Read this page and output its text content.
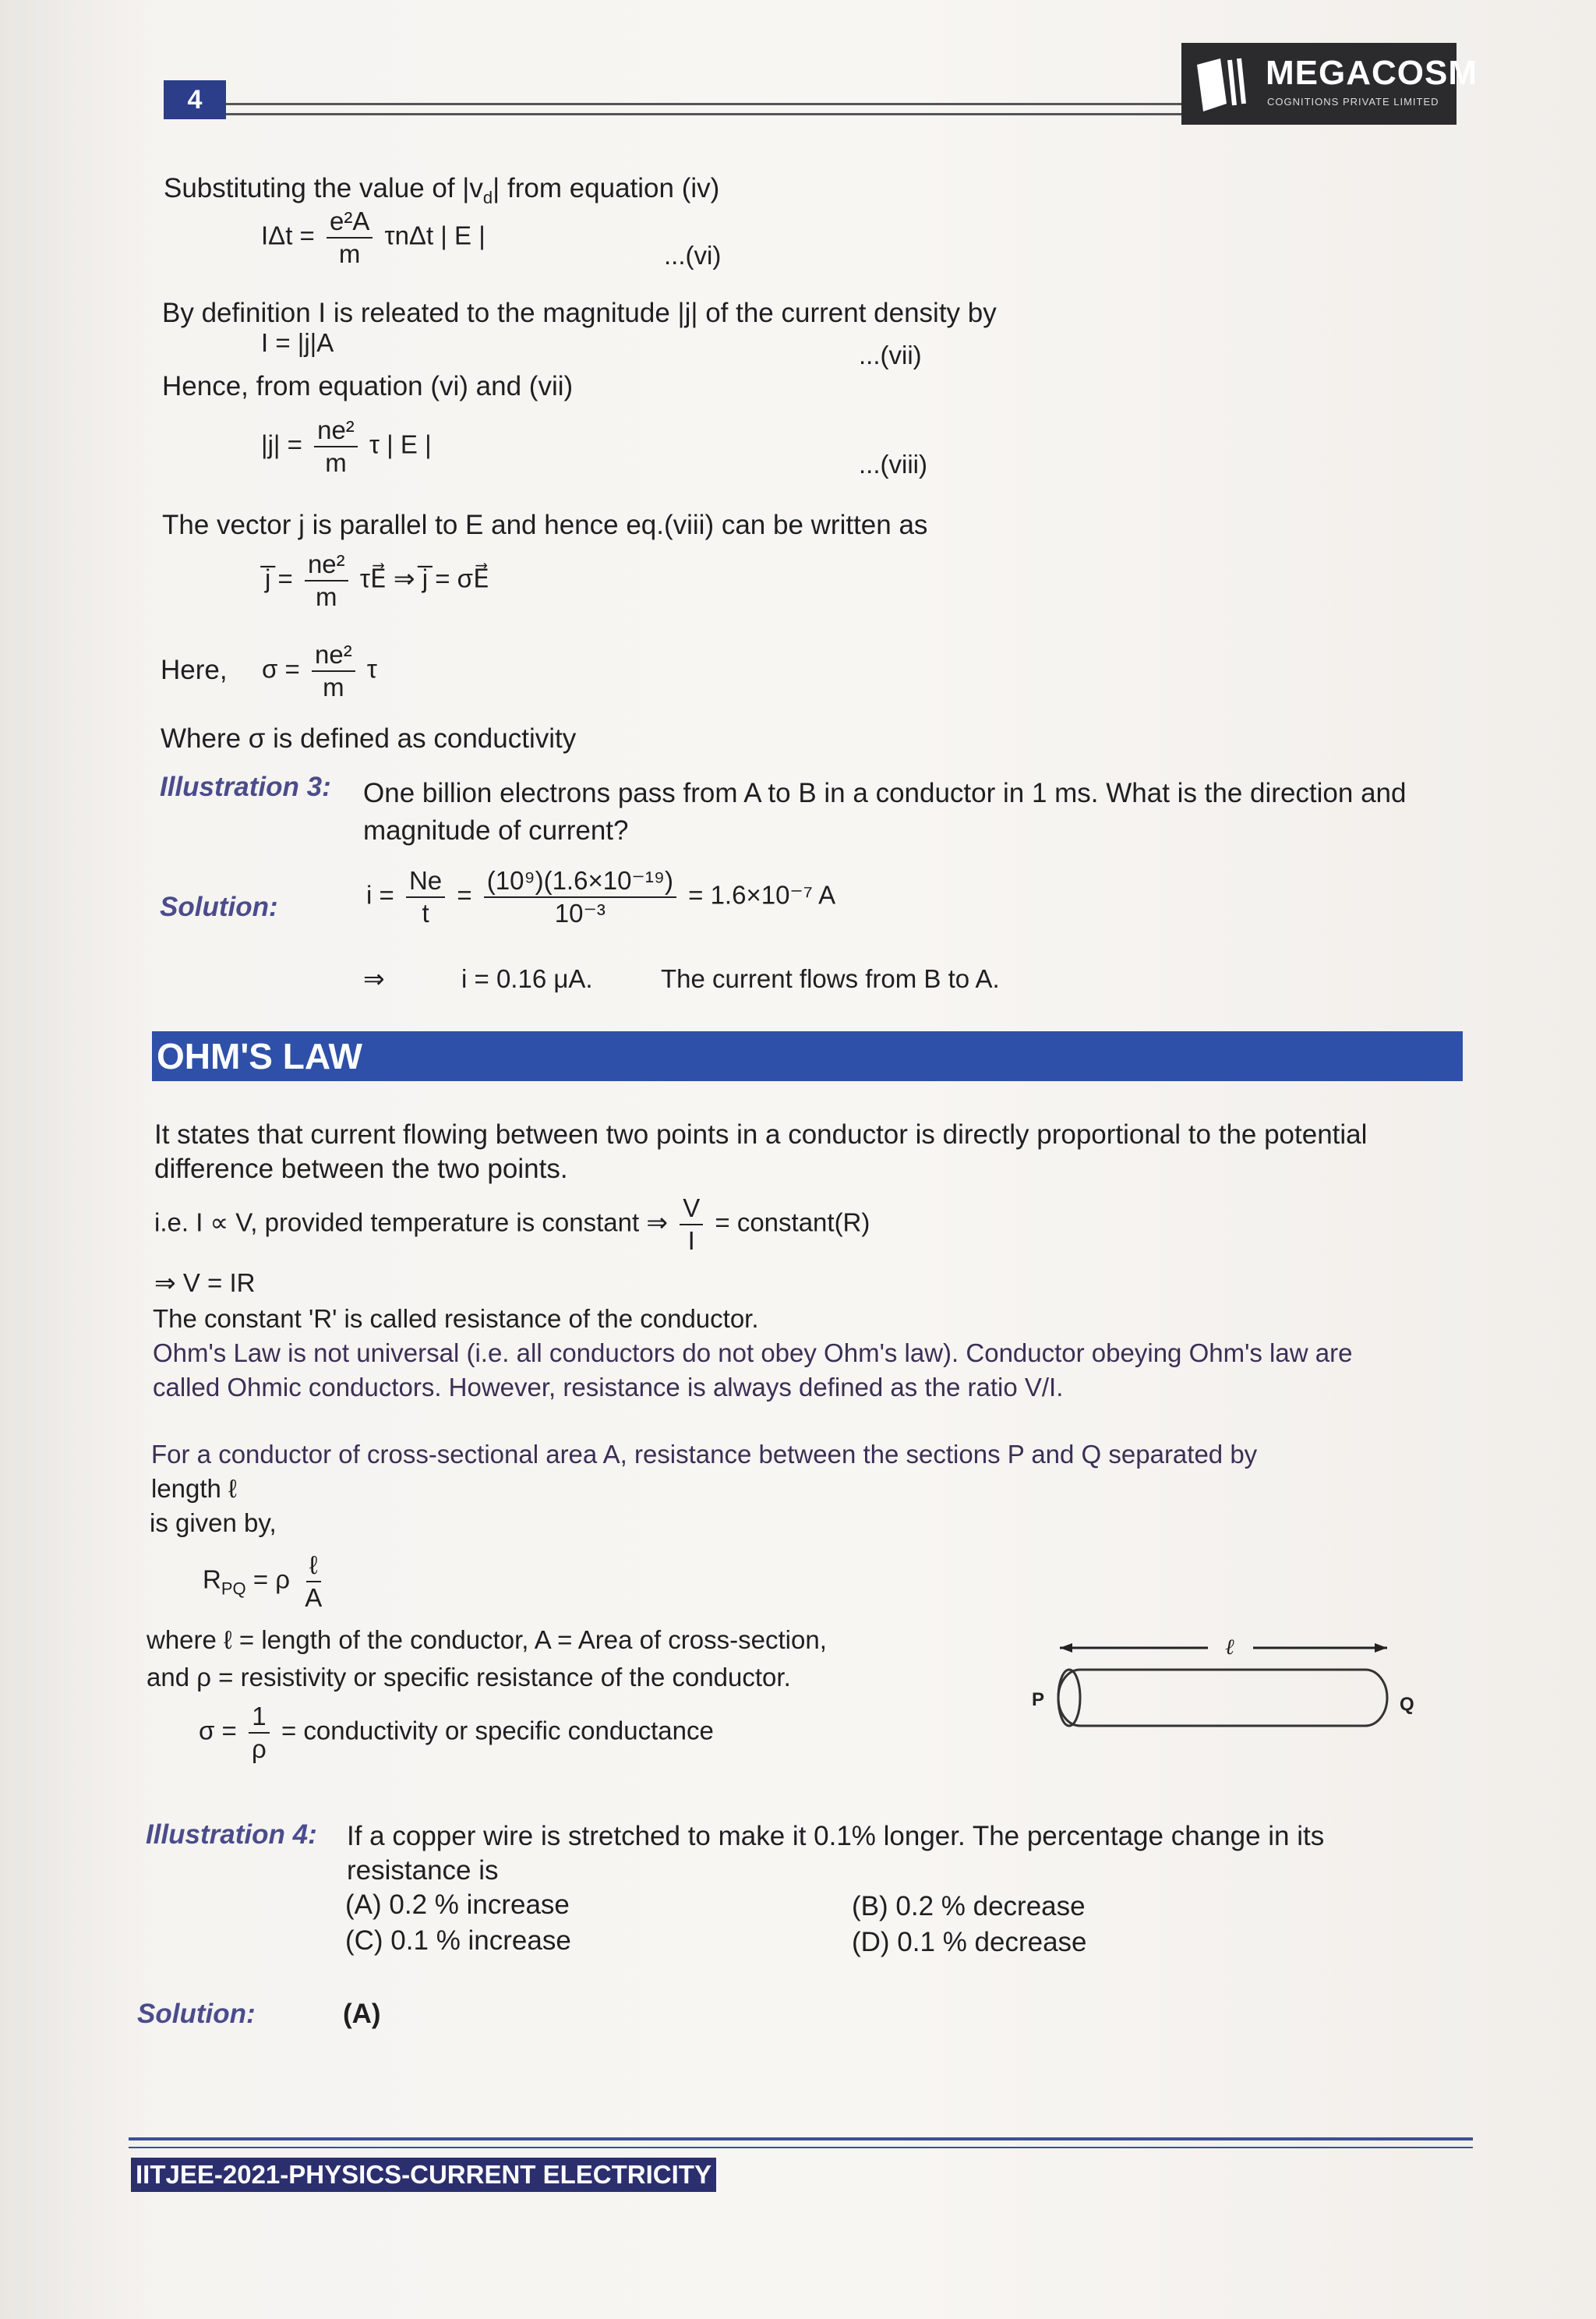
4
MEGACOSM
COGNITIONS PRIVATE LIMITED
Substituting the value of $|v_d|$ from equation (iv)
$I\Delta t = \frac{\text{e²A}}{m}$ τnΔt | E |
...(vi)
By definition I is releated to the magnitude |j| of the current density by
I = |j|A	...(vii)
Hence, from equation (vi) and (vii)
$|j| = \frac{\text{ne²}}{m}$ τ | E |
...(viii)
The vector j is parallel to E and hence eq.(viii) can be written as
j̅ = $\frac{\text{ne²}}{m}$ τE⃗ ⇒ j̅ = σE⃗
Here, $\sigma = \frac{\text{ne²}}{m}$ τ
Where σ is defined as conductivity
Illustration 3: One billion electrons pass from A to B in a conductor in 1 ms. What is the direction and
magnitude of current?
Solution:	$i = \frac{Ne}{t} = \frac{\text{(10⁹)(1.6×10⁻¹⁹)}}{\text{10⁻³}} = 1.6\times 10^{-7}$ A
⇒	i = 0.16 μA.	The current flows from B to A.
OHM'S LAW
It states that current flowing between two points in a conductor is directly proportional to the potential
difference between the two points.
i.e. I ∝ V, provided temperature is constant ⇒ $\frac{V}{I}$ = constant(R)
⇒ V = IR
The constant 'R' is called resistance of the conductor.
Ohm's Law is not universal (i.e. all conductors do not obey Ohm's law). Conductor obeying Ohm's law are
called Ohmic conductors. However, resistance is always defined as the ratio V/I.
For a conductor of cross-sectional area A, resistance between the sections P and Q separated by
length ℓ
is given by,
$R_{PQ} = \rho \frac{\text{ℓ}}{A}$
where ℓ = length of the conductor, A = Area of cross-section,
and ρ = resistivity or specific resistance of the conductor.
$\sigma = \frac{1}{\rho}$ = conductivity or specific conductance
ℓ
P	Q
Illustration 4: If a copper wire is stretched to make it 0.1% longer. The percentage change in its
resistance is
(A) 0.2 % increase	(B) 0.2 % decrease
(C) 0.1 % increase	(D) 0.1 % decrease
Solution:	(A)
IITJEE-2021-PHYSICS-CURRENT ELECTRICITY
